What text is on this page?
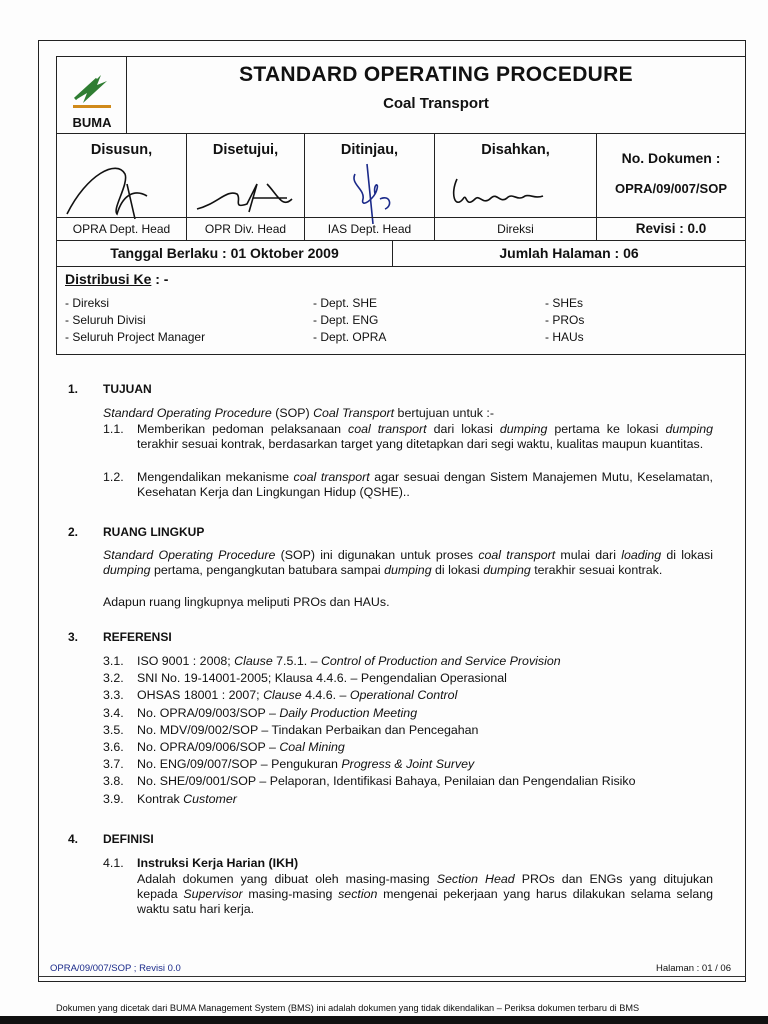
BUMA
STANDARD OPERATING PROCEDURE
Coal Transport
Disusun,
OPRA Dept. Head
Disetujui,
OPR Div. Head
Ditinjau,
IAS Dept. Head
Disahkan,
Direksi
No. Dokumen :
OPRA/09/007/SOP
Revisi : 0.0
Tanggal Berlaku : 01 Oktober 2009	Jumlah Halaman : 06
Distribusi Ke : -
- Direksi
- Seluruh Divisi
- Seluruh Project Manager
- Dept. SHE
- Dept. ENG
- Dept. OPRA
- SHEs
- PROs
- HAUs
1. TUJUAN
Standard Operating Procedure (SOP) Coal Transport bertujuan untuk :-
1.1. Memberikan pedoman pelaksanaan coal transport dari lokasi dumping pertama ke lokasi dumping terakhir sesuai kontrak, berdasarkan target yang ditetapkan dari segi waktu, kualitas maupun kuantitas.
1.2. Mengendalikan mekanisme coal transport agar sesuai dengan Sistem Manajemen Mutu, Keselamatan, Kesehatan Kerja dan Lingkungan Hidup (QSHE)..
2. RUANG LINGKUP
Standard Operating Procedure (SOP) ini digunakan untuk proses coal transport mulai dari loading di lokasi dumping pertama, pengangkutan batubara sampai dumping di lokasi dumping terakhir sesuai kontrak.
Adapun ruang lingkupnya meliputi PROs dan HAUs.
3. REFERENSI
3.1. ISO 9001 : 2008; Clause 7.5.1. – Control of Production and Service Provision
3.2. SNI No. 19-14001-2005; Klausa 4.4.6. – Pengendalian Operasional
3.3. OHSAS 18001 : 2007; Clause 4.4.6. – Operational Control
3.4. No. OPRA/09/003/SOP – Daily Production Meeting
3.5. No. MDV/09/002/SOP – Tindakan Perbaikan dan Pencegahan
3.6. No. OPRA/09/006/SOP – Coal Mining
3.7. No. ENG/09/007/SOP – Pengukuran Progress & Joint Survey
3.8. No. SHE/09/001/SOP – Pelaporan, Identifikasi Bahaya, Penilaian dan Pengendalian Risiko
3.9. Kontrak Customer
4. DEFINISI
4.1. Instruksi Kerja Harian (IKH)
Adalah dokumen yang dibuat oleh masing-masing Section Head PROs dan ENGs yang ditujukan kepada Supervisor masing-masing section mengenai pekerjaan yang harus dilakukan selama selang waktu satu hari kerja.
OPRA/09/007/SOP ; Revisi 0.0	Halaman : 01 / 06
Dokumen yang dicetak dari BUMA Management System (BMS) ini adalah dokumen yang tidak dikendalikan – Periksa dokumen terbaru di BMS
